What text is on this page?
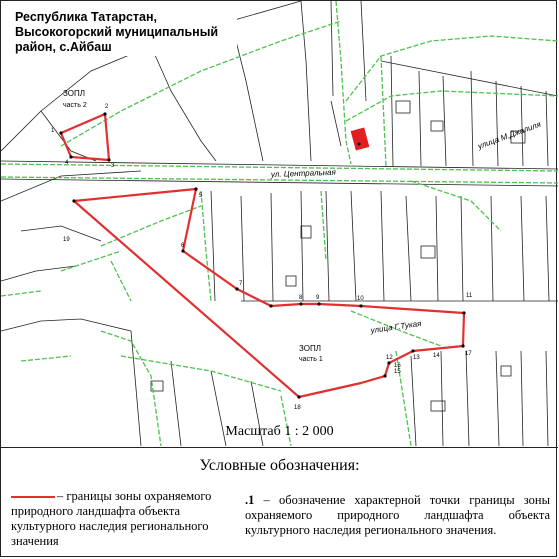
ул. Центральная
улица М.Джалиля
улица Г.Тукая
ЗОПЛ
часть 2
ЗОПЛ
часть 1
1
2
3
4
5
6
7
8 9	10	11
12	13 14
15
16
17
18
19
Республика Татарстан, Высокогорский муниципальный район, с.Айбаш
Масштаб 1 : 2 000
Условные обозначения:
– границы зоны охраняемого природного ландшафта объекта культурного наследия регионального значения
.1 – обозначение характерной точки границы зоны охраняемого природного ландшафта объекта культурного наследия регионального значения.
